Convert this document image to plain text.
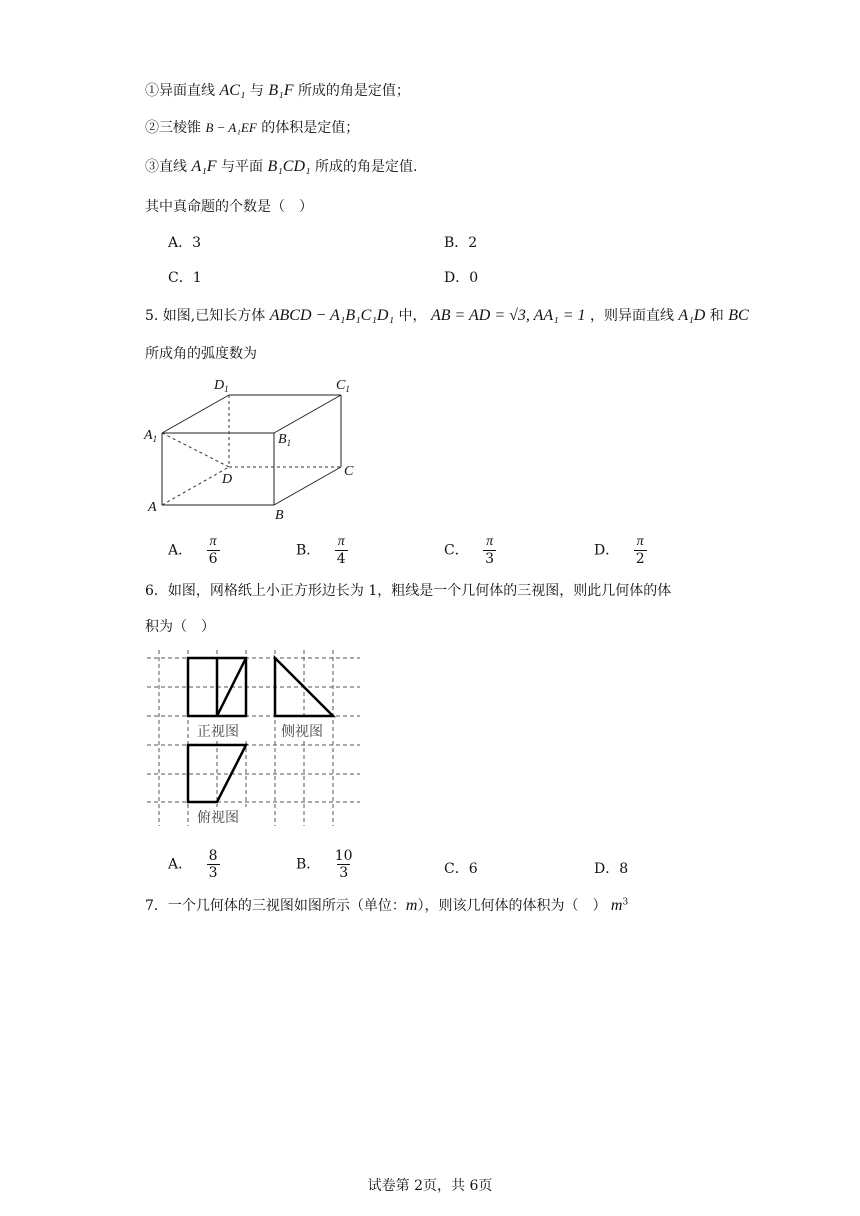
①异面直线 AC₁ 与 B₁F 所成的角是定值；
②三棱锥 B − A₁EF 的体积是定值；
③直线 A₁F 与平面 B₁CD₁ 所成的角是定值.
其中真命题的个数是（　）
A．3	B．2
C．1	D．0
5. 如图,已知长方体 ABCD − A₁B₁C₁D₁ 中， AB = AD = √3, AA₁ = 1 ，则异面直线 A₁D 和 BC
所成角的弧度数为
$D_1$	$C_1$
$A_1$	$B_1$
D
C
A
B
A． $\frac{\pi}{6}$	B． $\frac{\pi}{4}$	C． $\frac{\pi}{3}$	D． $\frac{\pi}{2}$
6．如图，网格纸上小正方形边长为 1，粗线是一个几何体的三视图，则此几何体的体
积为（　）
正视图	侧视图
俯视图
A． $\frac{8}{3}$	B． $\frac{10}{3}$	C．6	D．8
7．一个几何体的三视图如图所示（单位：m），则该几何体的体积为（　） $m^3$
试卷第 2页，共 6页
